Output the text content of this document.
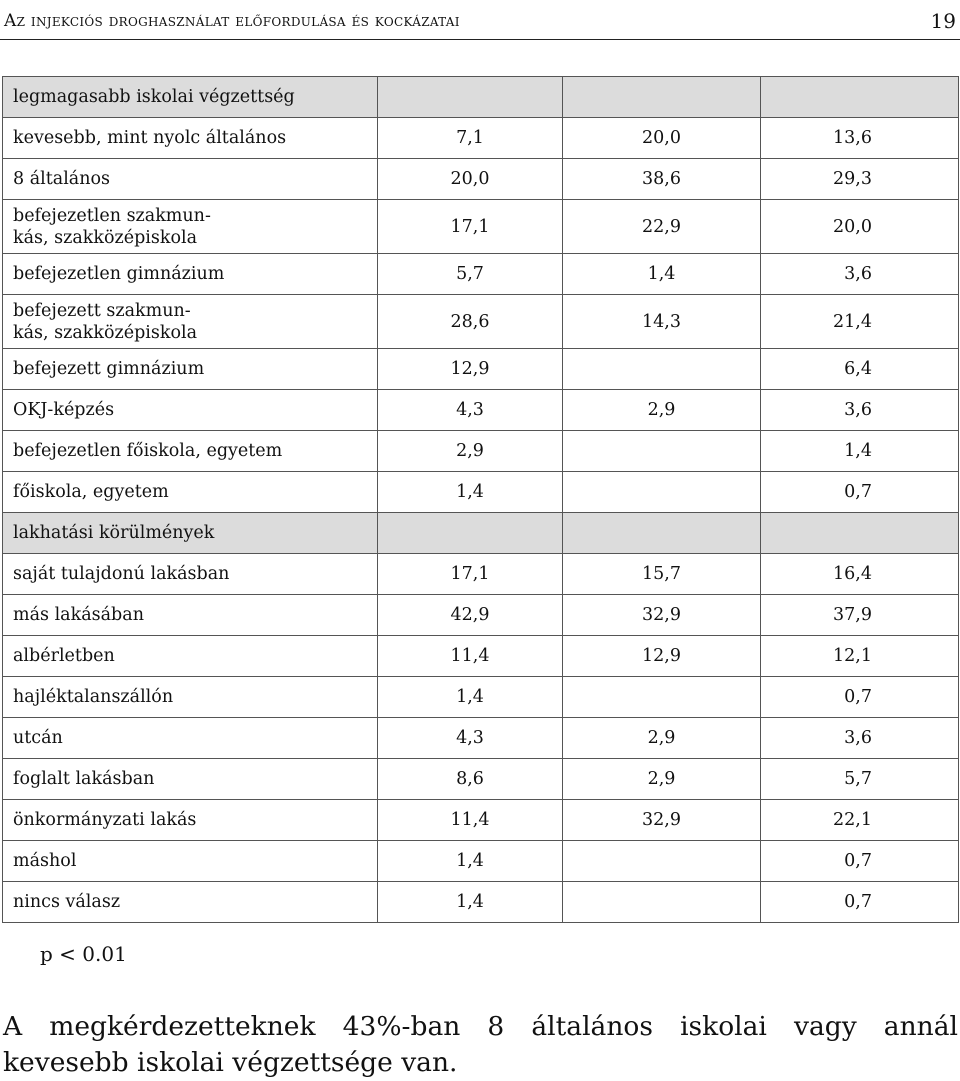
Az injekciós droghasználat előfordulása és kockázatai	19
legmagasabb iskolai végzettség			
kevesebb, mint nyolc általános	7,1	20,0	13,6
8 általános	20,0	38,6	29,3

befejezetlen szakmun-
kás, szakközépiskola	17,1	22,9	20,0
befejezetlen gimnázium	5,7	1,4	3,6

befejezett szakmun-
kás, szakközépiskola	28,6	14,3	21,4
befejezett gimnázium	12,9		6,4
OKJ-képzés	4,3	2,9	3,6
befejezetlen főiskola, egyetem	2,9		1,4
főiskola, egyetem	1,4		0,7
lakhatási körülmények			
saját tulajdonú lakásban	17,1	15,7	16,4
más lakásában	42,9	32,9	37,9
albérletben	11,4	12,9	12,1
hajléktalanszállón	1,4		0,7
utcán	4,3	2,9	3,6
foglalt lakásban	8,6	2,9	5,7
önkormányzati lakás	11,4	32,9	22,1
máshol	1,4		0,7
nincs válasz	1,4		0,7
p < 0.01
A megkérdezetteknek 43%-ban 8 általános iskolai vagy annál kevesebb iskolai végzettsége van.
